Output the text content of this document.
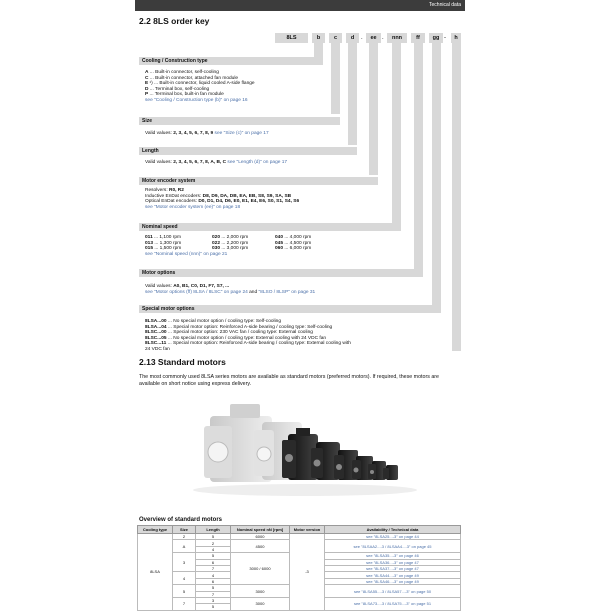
Technical data
2.2 8LS order key
8LS	b	c	d	.	ee .	nnn	ff	gg -	h
Cooling / Construction type
A ... Built-in connector, self-cooling
C ... Built-in connector, attached fan module
E ¹) ... Built-in connector, liquid cooled A-side flange
D ... Terminal box, self-cooling
P ... Terminal box, built-in fan module
see "Cooling / Construction type (b)" on page 16
Size
Valid values: 2, 3, 4, 5, 6, 7, 8, 9 see "Size (c)" on page 17
Length
Valid values: 2, 3, 4, 5, 6, 7, 8, A, B, C see "Length (d)" on page 17
Motor encoder system
Resolvers: R0, R2
Inductive EnDat encoders: D8, D9, DA, DB, EA, EB, S8, S9, SA, SB
Optical EnDat encoders: D0, D1, D4, D6, E0, E1, E4, E6, S0, S1, S4, S6
see "Motor encoder system (ee)" on page 18
Nominal speed
011 ... 1,100 rpm
013 ... 1,300 rpm
015 ... 1,500 rpm
020 ... 2,000 rpm
022 ... 2,200 rpm
030 ... 3,000 rpm
040 ... 4,000 rpm
045 ... 4,500 rpm
060 ... 6,000 rpm
see "Nominal speed (nnn)" on page 21
Motor options
Valid values: A0, B1, C0, D1, F7, S7, ...
see "Motor options (ff) 8LSA / 8LSC" on page 24 and "8LSO / 8LSP" on page 31
Special motor options
8LSA...00 ... No special motor option / cooling type: Self-cooling
8LSA...04 ... Special motor option: Reinforced A-side bearing / cooling type: Self-cooling
8LSC...00 ... Special motor option: 230 VAC fan / cooling type: External cooling
8LSC...05 ... No special motor option / cooling type: External cooling with 24 VDC fan
8LSC...11 ... Special motor option: Reinforced A-side bearing / cooling type: External cooling with
24 VDC fan
2.13 Standard motors
The most commonly used 8LSA series motors are available as standard motors (preferred motors). If required, these motors are available on short notice using express delivery.
Overview of standard motors
Cooling type	Size	Length	Nominal speed nN [rpm]	Motor version	Availability / Technical data
8LSA	2	5	6000	-3	see "8LSA25...-3" on page 44
	A	2	4500		see "8LSAA2...-3 / 8LSAA4...-3" on page 45
		4			
	3	5	3000 / 6000		see "8LSA35...-3" on page 46
		6			see "8LSA36...-3" on page 47
		7			see "8LSA37...-3" on page 47
	4	4			see "8LSA44...-3" on page 49
		6			see "8LSA46...-3" on page 49
	5	5	3000		see "8LSA55...-3 / 8LSA57...-3" on page 50
		7			
	7	3	3000		see "8LSA73...-3 / 8LSA75...-3" on page 51
		5			
